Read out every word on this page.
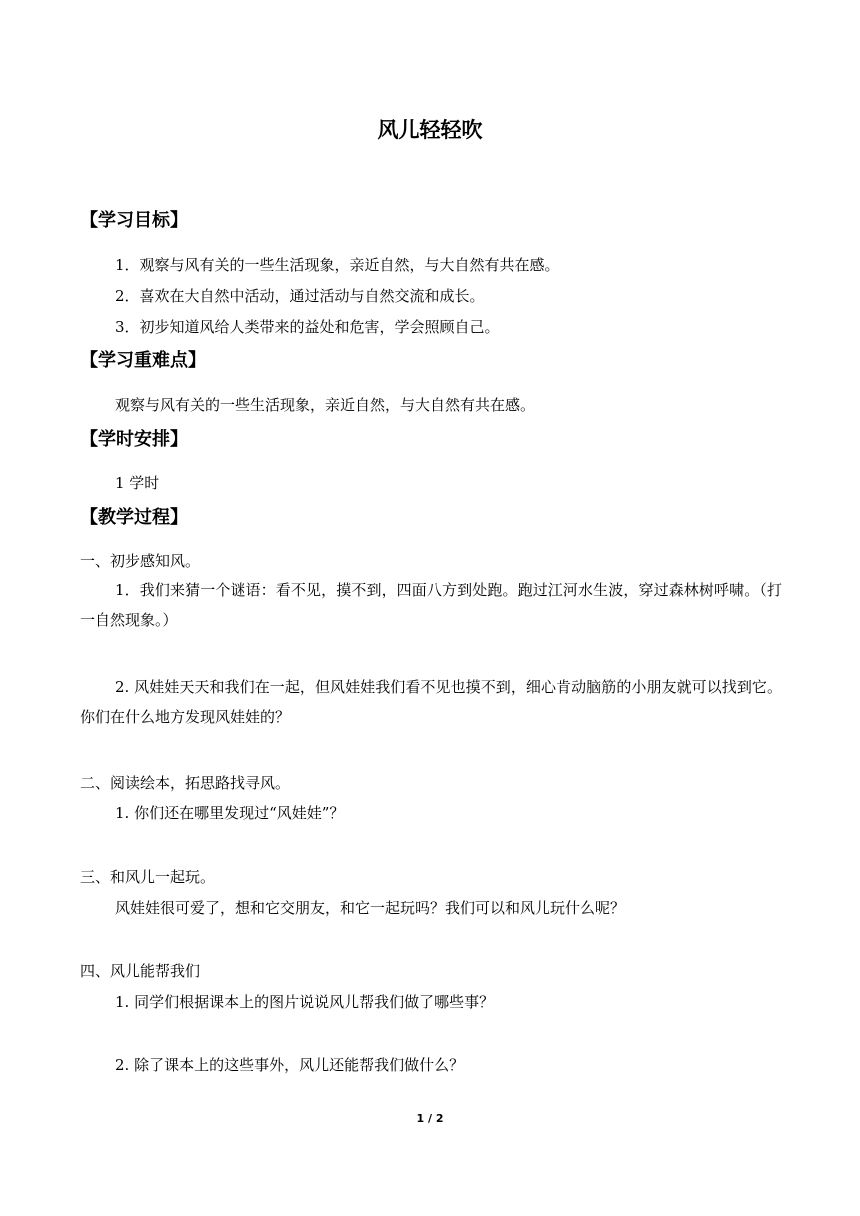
风儿轻轻吹
【学习目标】
1．观察与风有关的一些生活现象，亲近自然，与大自然有共在感。
2．喜欢在大自然中活动，通过活动与自然交流和成长。
3．初步知道风给人类带来的益处和危害，学会照顾自己。
【学习重难点】
观察与风有关的一些生活现象，亲近自然，与大自然有共在感。
【学时安排】
1 学时
【教学过程】
一、初步感知风。
1．我们来猜一个谜语：看不见，摸不到，四面八方到处跑。跑过江河水生波，穿过森林树呼啸。（打一自然现象。）
2. 风娃娃天天和我们在一起，但风娃娃我们看不见也摸不到，细心肯动脑筋的小朋友就可以找到它。你们在什么地方发现风娃娃的？
二、阅读绘本，拓思路找寻风。
1. 你们还在哪里发现过“风娃娃”？
三、和风儿一起玩。
风娃娃很可爱了，想和它交朋友，和它一起玩吗？我们可以和风儿玩什么呢？
四、风儿能帮我们
1. 同学们根据课本上的图片说说风儿帮我们做了哪些事？
2. 除了课本上的这些事外，风儿还能帮我们做什么？
1 / 2
